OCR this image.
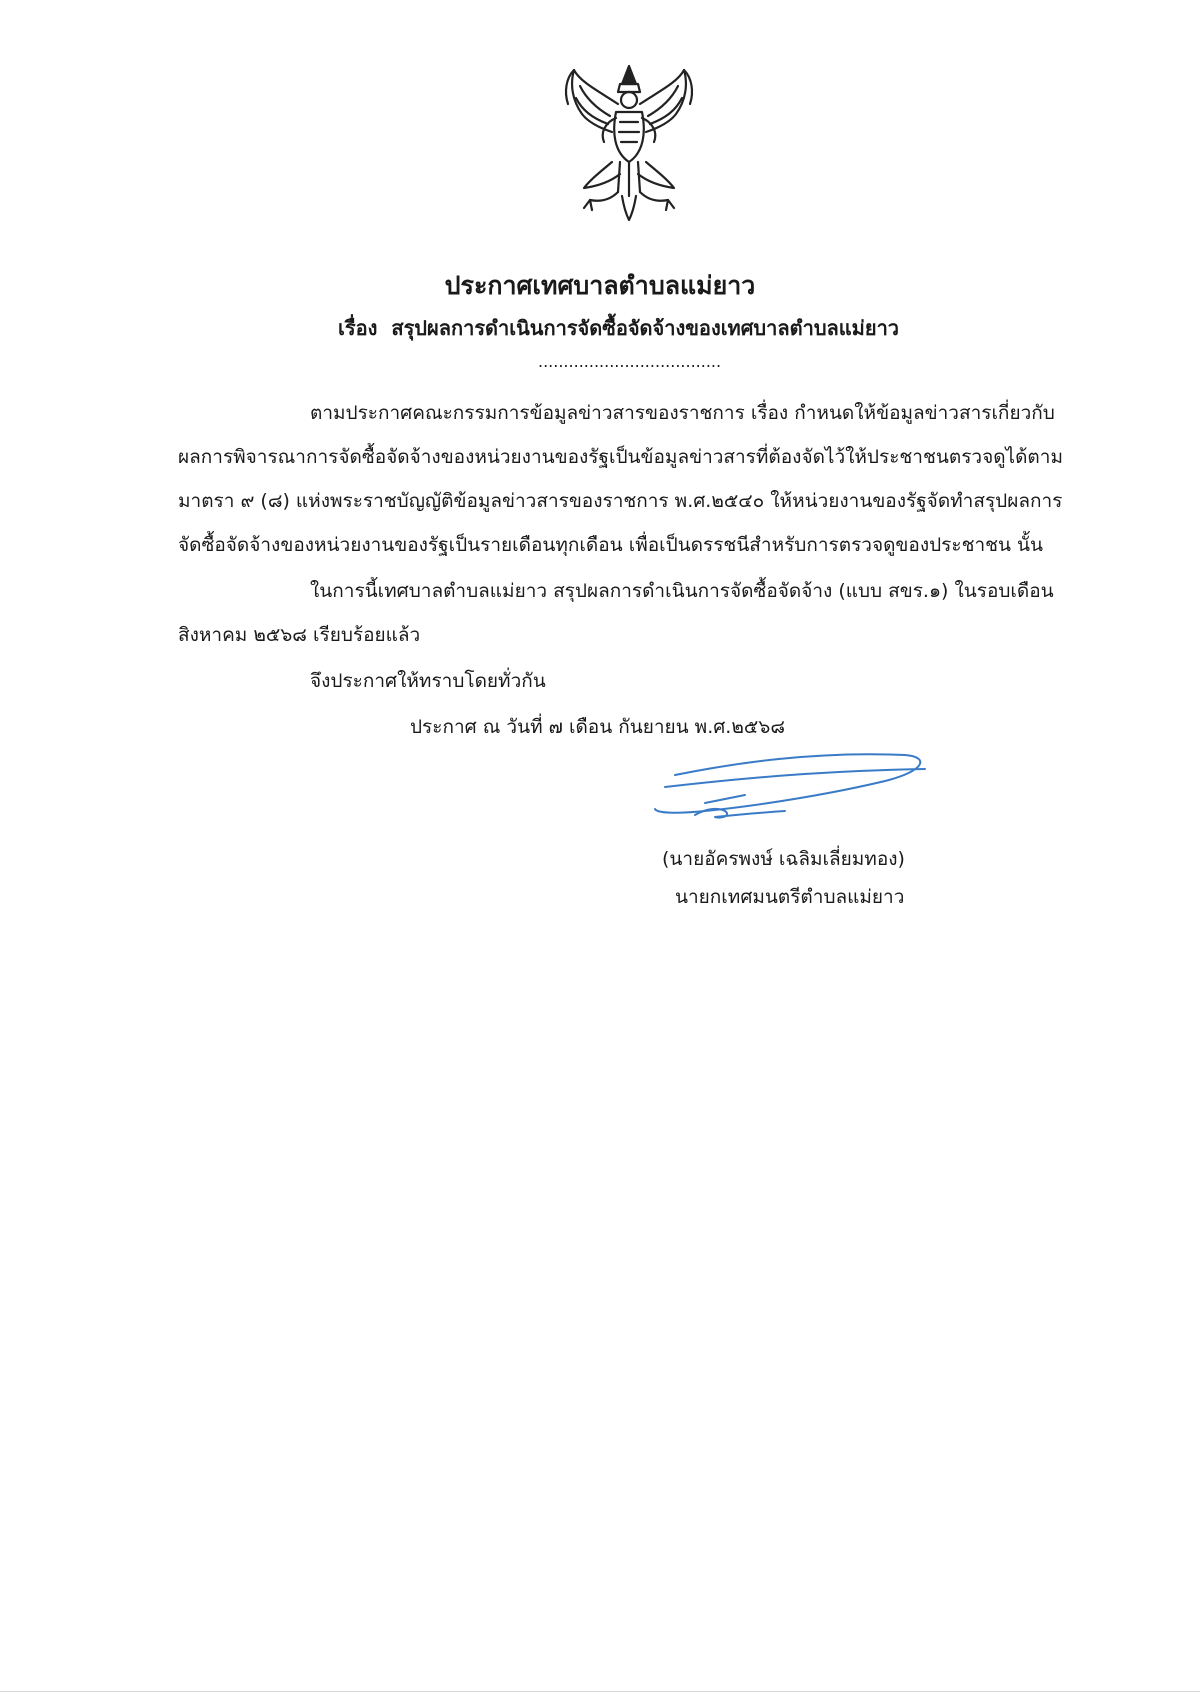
ประกาศเทศบาลตำบลแม่ยาว
เรื่อง สรุปผลการดำเนินการจัดซื้อจัดจ้างของเทศบาลตำบลแม่ยาว
....................................
ตามประกาศคณะกรรมการข้อมูลข่าวสารของราชการ เรื่อง กำหนดให้ข้อมูลข่าวสารเกี่ยวกับ
ผลการพิจารณาการจัดซื้อจัดจ้างของหน่วยงานของรัฐเป็นข้อมูลข่าวสารที่ต้องจัดไว้ให้ประชาชนตรวจดูได้ตาม
มาตรา ๙ (๘) แห่งพระราชบัญญัติข้อมูลข่าวสารของราชการ พ.ศ.๒๕๔๐ ให้หน่วยงานของรัฐจัดทำสรุปผลการ
จัดซื้อจัดจ้างของหน่วยงานของรัฐเป็นรายเดือนทุกเดือน เพื่อเป็นดรรชนีสำหรับการตรวจดูของประชาชน นั้น
ในการนี้เทศบาลตำบลแม่ยาว สรุปผลการดำเนินการจัดซื้อจัดจ้าง (แบบ สขร.๑) ในรอบเดือน
สิงหาคม ๒๕๖๘ เรียบร้อยแล้ว
จึงประกาศให้ทราบโดยทั่วกัน
ประกาศ ณ วันที่ ๗ เดือน กันยายน พ.ศ.๒๕๖๘
(นายอัครพงษ์ เฉลิมเลี่ยมทอง)
นายกเทศมนตรีตำบลแม่ยาว
